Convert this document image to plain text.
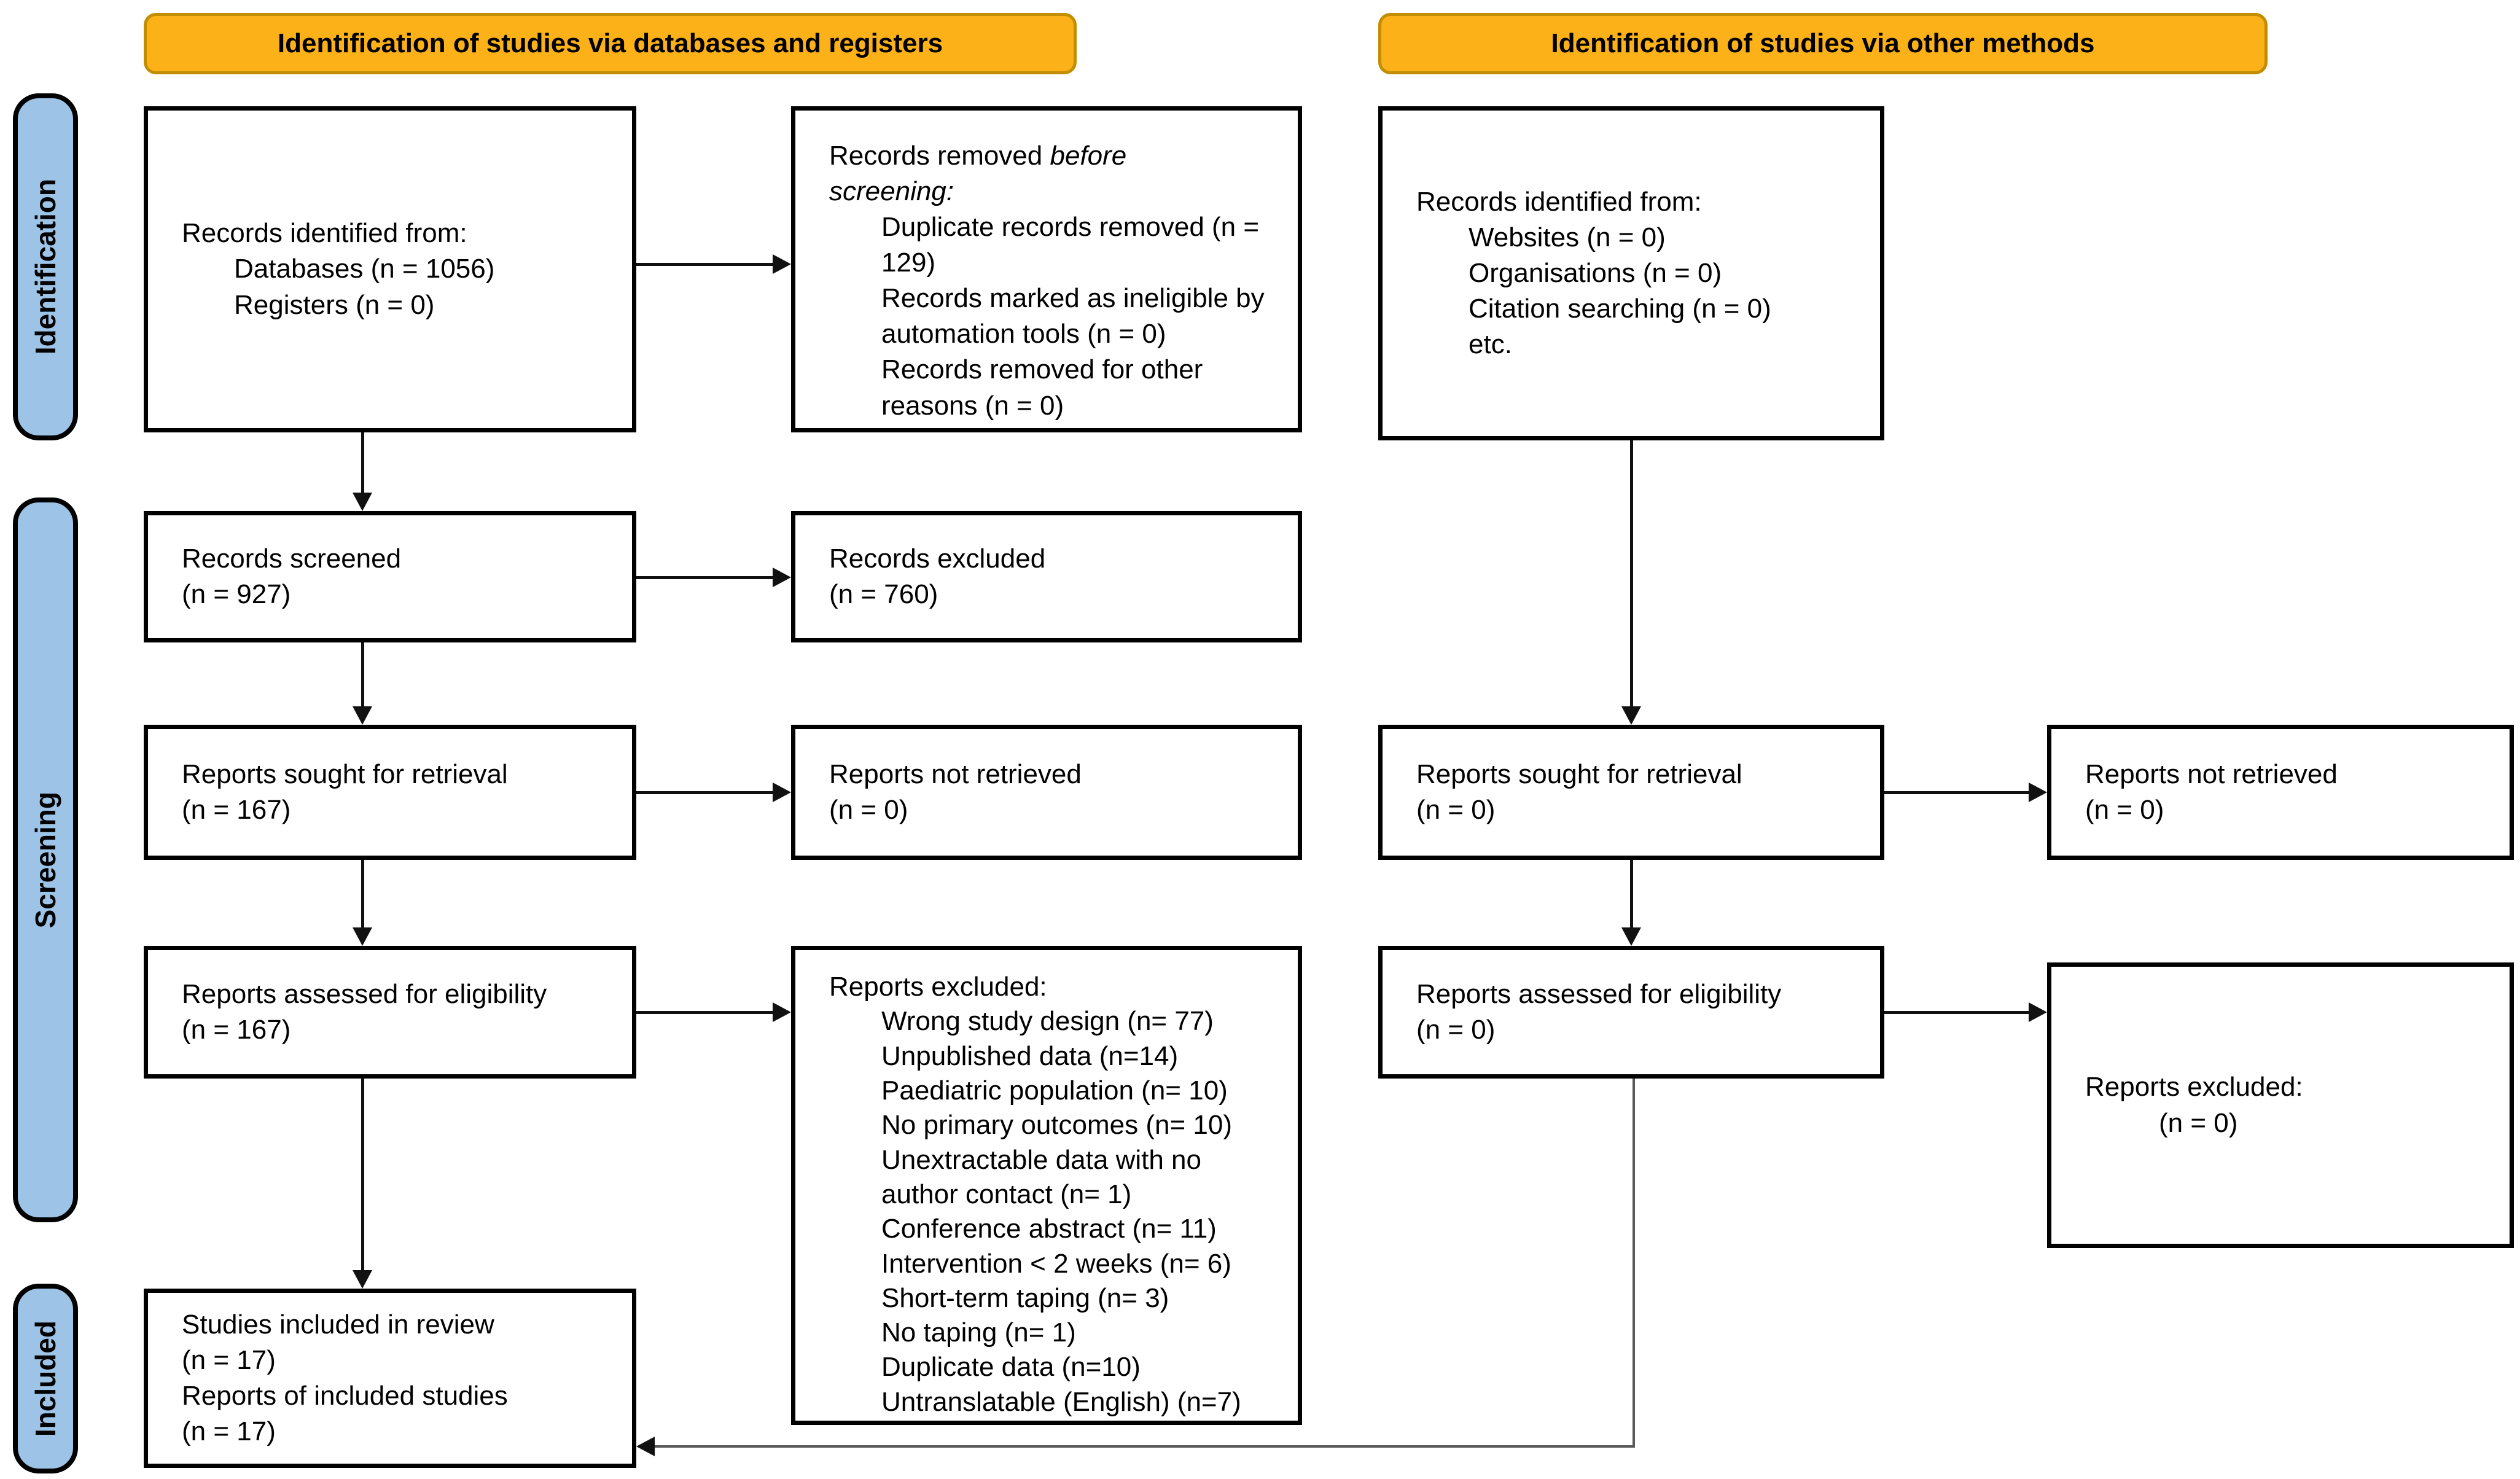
Identification of studies via databases and registers	Identification of studies via other methods
Identification
Screening
Included
Records identified from:
Databases (n = 1056)
Registers (n = 0)
Records screened
(n = 927)
Reports sought for retrieval
(n = 167)
Reports assessed for eligibility
(n = 167)
Studies included in review
(n = 17)
Reports of included studies
(n = 17)
Records removed before
screening:
Duplicate records removed (n = 129)
Records marked as ineligible by automation tools (n = 0)
Records removed for other reasons (n = 0)
Records excluded
(n = 760)
Reports not retrieved
(n = 0)
Reports excluded:
Wrong study design (n= 77)
Unpublished data (n=14)
Paediatric population (n= 10)
No primary outcomes (n= 10)
Unextractable data with no author contact (n= 1)
Conference abstract (n= 11)
Intervention < 2 weeks (n= 6)
Short-term taping (n= 3)
No taping (n= 1)
Duplicate data (n=10)
Untranslatable (English) (n=7)
Records identified from:
Websites (n = 0)
Organisations (n = 0)
Citation searching (n = 0)
etc.
Reports sought for retrieval
(n = 0)
Reports assessed for eligibility
(n = 0)
Reports not retrieved
(n = 0)
Reports excluded:
(n = 0)
